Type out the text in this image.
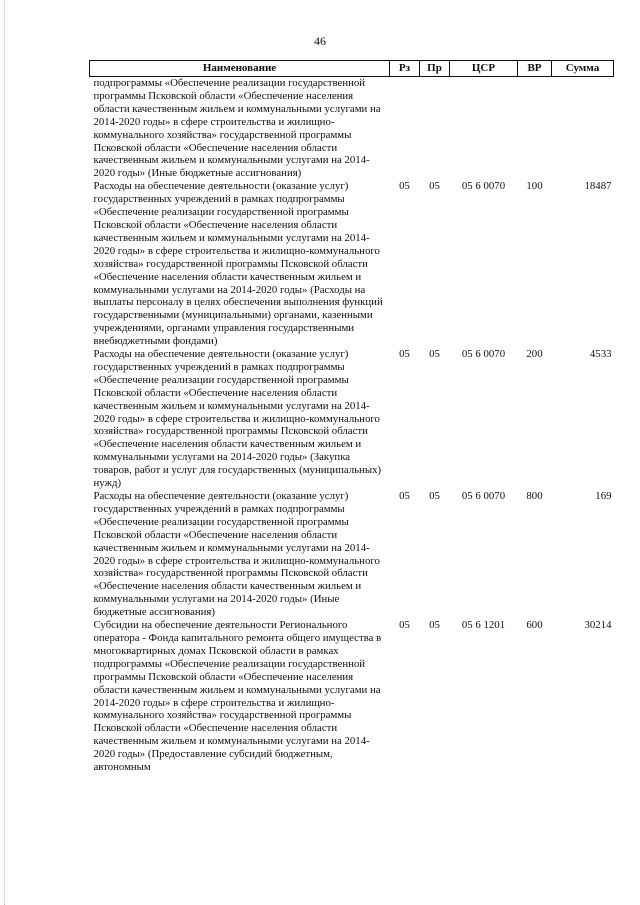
46
Наименование	Рз	Пр	ЦСР	ВР	Сумма
подпрограммы «Обеспечение реализации государственной программы Псковской области «Обеспечение населения области качественным жильем и коммунальными услугами на 2014-2020 годы» в сфере строительства и жилищно-коммунального хозяйства» государственной программы Псковской области «Обеспечение населения области качественным жильем и коммунальными услугами на 2014-2020 годы» (Иные бюджетные ассигнования)					
Расходы на обеспечение деятельности (оказание услуг) государственных учреждений в рамках подпрограммы «Обеспечение реализации государственной программы Псковской области «Обеспечение населения области качественным жильем и коммунальными услугами на 2014-2020 годы» в сфере строительства и жилищно-коммунального хозяйства» государственной программы Псковской области «Обеспечение населения области качественным жильем и коммунальными услугами на 2014-2020 годы» (Расходы на выплаты персоналу в целях обеспечения выполнения функций государственными (муниципальными) органами, казенными учреждениями, органами управления государственными внебюджетными фондами)	05	05	05 6 0070	100	18487
Расходы на обеспечение деятельности (оказание услуг) государственных учреждений в рамках подпрограммы «Обеспечение реализации государственной программы Псковской области «Обеспечение населения области качественным жильем и коммунальными услугами на 2014-2020 годы» в сфере строительства и жилищно-коммунального хозяйства» государственной программы Псковской области «Обеспечение населения области качественным жильем и коммунальными услугами на 2014-2020 годы» (Закупка товаров, работ и услуг для государственных (муниципальных) нужд)	05	05	05 6 0070	200	4533
Расходы на обеспечение деятельности (оказание услуг) государственных учреждений в рамках подпрограммы «Обеспечение реализации государственной программы Псковской области «Обеспечение населения области качественным жильем и коммунальными услугами на 2014-2020 годы» в сфере строительства и жилищно-коммунального хозяйства» государственной программы Псковской области «Обеспечение населения области качественным жильем и коммунальными услугами на 2014-2020 годы» (Иные бюджетные ассигнования)	05	05	05 6 0070	800	169
Субсидии на обеспечение деятельности Регионального оператора - Фонда капитального ремонта общего имущества в многоквартирных домах Псковской области в рамках подпрограммы «Обеспечение реализации государственной программы Псковской области «Обеспечение населения области качественным жильем и коммунальными услугами на 2014-2020 годы» в сфере строительства и жилищно-коммунального хозяйства» государственной программы Псковской области «Обеспечение населения области качественным жильем и коммунальными услугами на 2014-2020 годы» (Предоставление субсидий бюджетным, автономным	05	05	05 6 1201	600	30214
